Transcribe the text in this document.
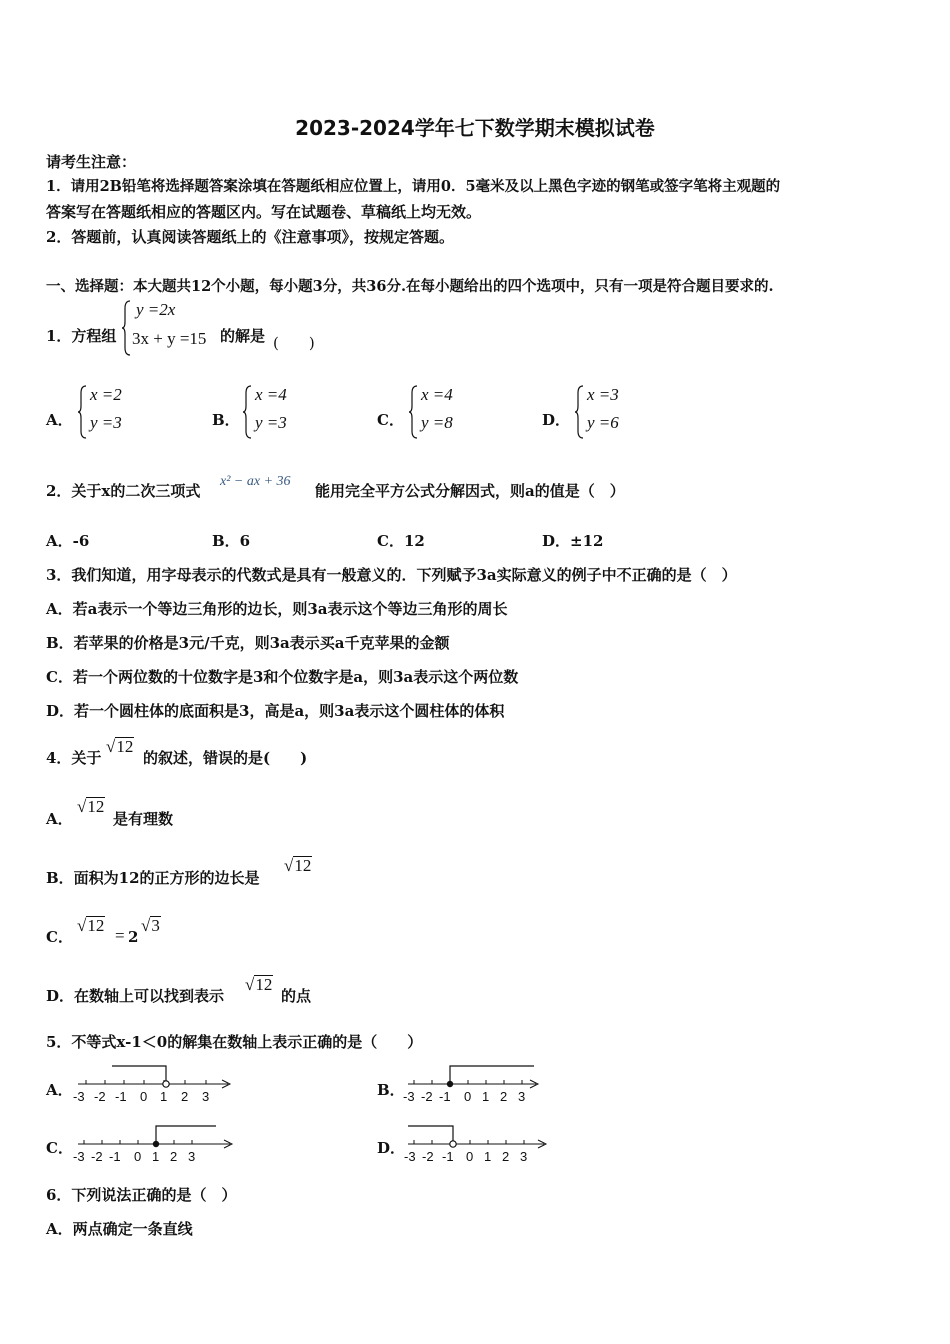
2023-2024学年七下数学期末模拟试卷
请考生注意：
1．请用2B铅笔将选择题答案涂填在答题纸相应位置上，请用0．5毫米及以上黑色字迹的钢笔或签字笔将主观题的
答案写在答题纸相应的答题区内。写在试题卷、草稿纸上均无效。
2．答题前，认真阅读答题纸上的《注意事项》，按规定答题。
一、选择题：本大题共12个小题，每小题3分，共36分.在每小题给出的四个选项中，只有一项是符合题目要求的.
1．方程组
y =2x
3x + y =15 的解是 (　　)
A．
x =2
y =3	B．
x =4
y =3	C．
x =4
y =8	D．
x =3
y =6
2．关于x的二次三项式
x² − ax + 36
能用完全平方公式分解因式，则a的值是（　）
A．-6	B．6	C．12	D．±12
3．我们知道，用字母表示的代数式是具有一般意义的．下列赋予3a实际意义的例子中不正确的是（　）
A．若a表示一个等边三角形的边长，则3a表示这个等边三角形的周长
B．若苹果的价格是3元/千克，则3a表示买a千克苹果的金额
C．若一个两位数的十位数字是3和个位数字是a，则3a表示这个两位数
D．若一个圆柱体的底面积是3，高是a，则3a表示这个圆柱体的体积
4．关于
√12
的叙述，错误的是(　　)
A．
√12
是有理数
B．面积为12的正方形的边长是
√12
C．
√12
= 2
√3
D．在数轴上可以找到表示
√12
的点
5．不等式x-1＜0的解集在数轴上表示正确的是（　　）
A． -3 -2 -1 0 1 2 3	B．
-3 -2 -1 0 1 2 3
C． -3 -2 -1 0 1 2 3	D．
-3 -2 -1 0 1 2 3
6．下列说法正确的是（　）
A．两点确定一条直线
